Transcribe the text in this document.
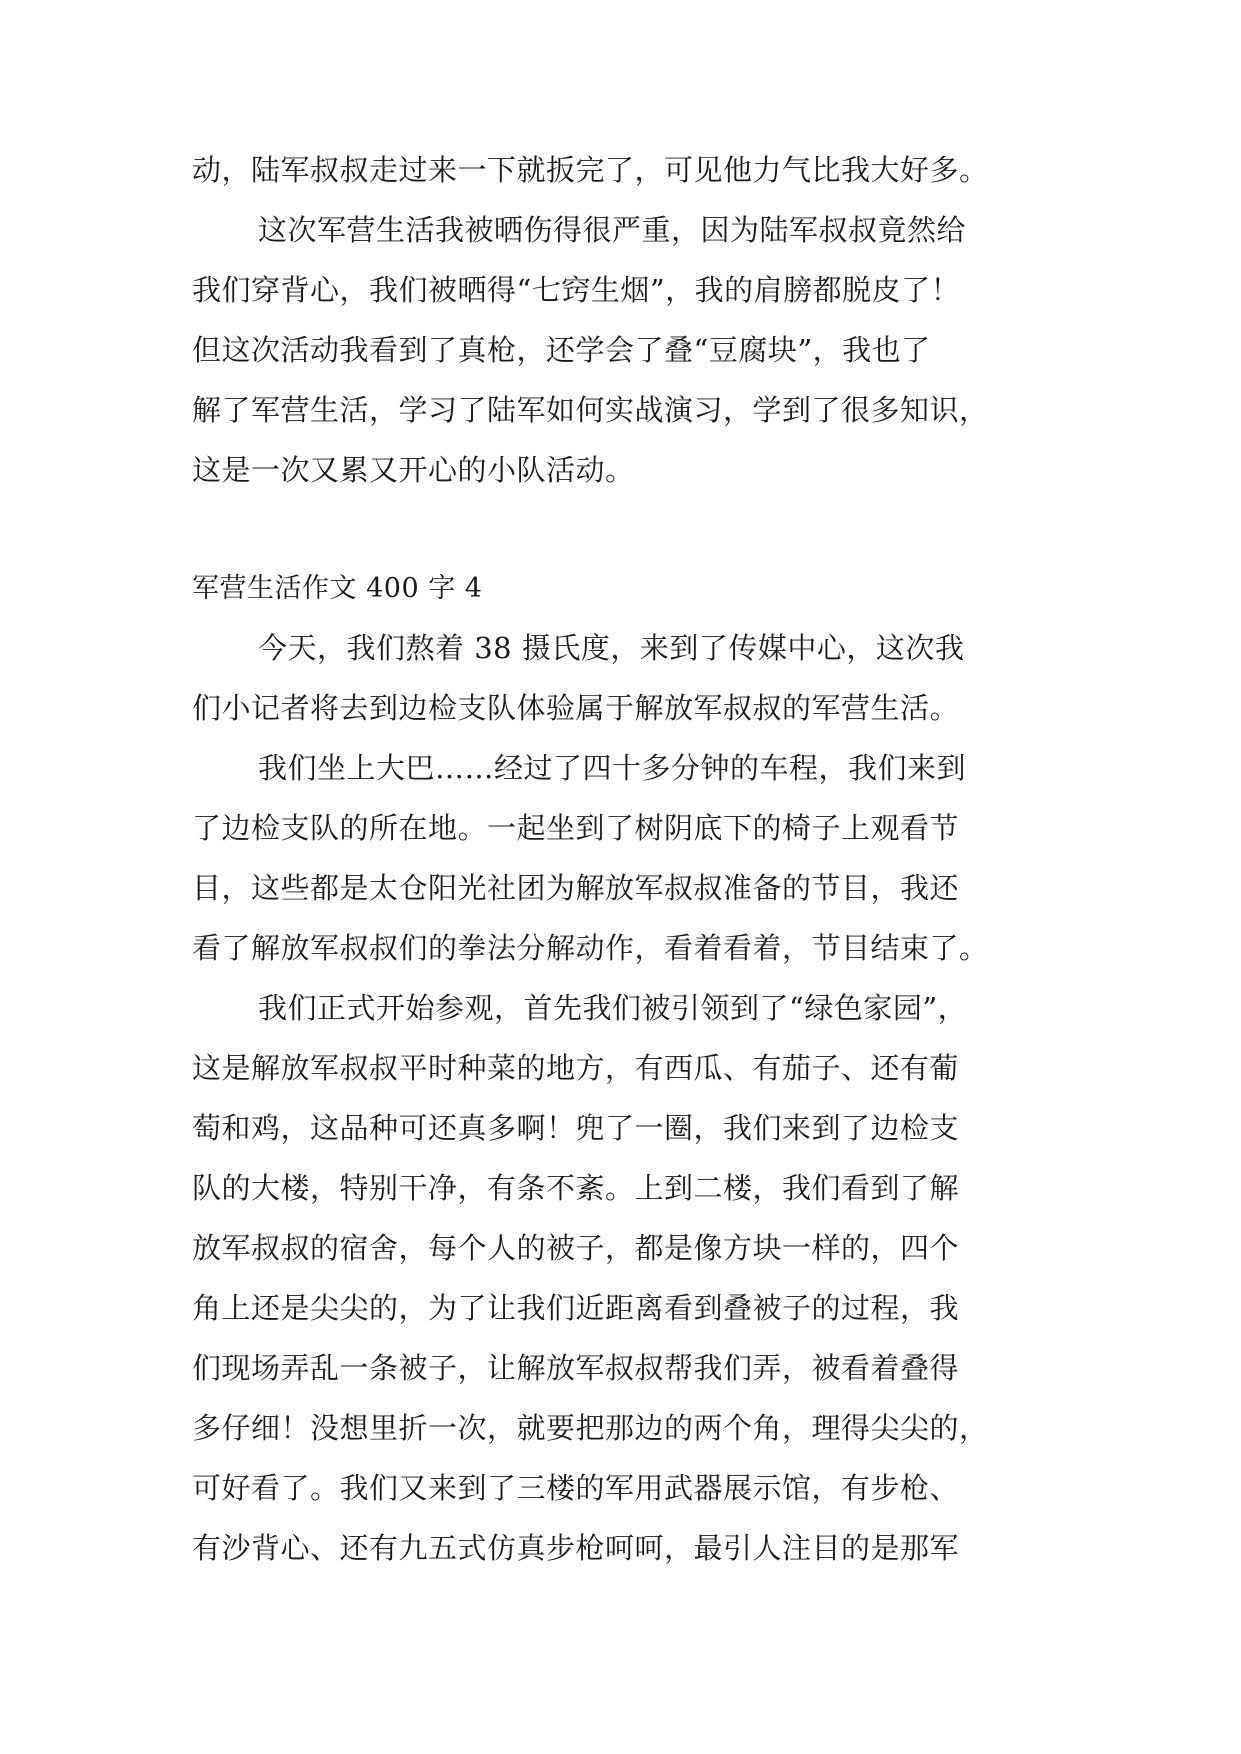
动，陆军叔叔走过来一下就扳完了，可见他力气比我大好多。
这次军营生活我被晒伤得很严重，因为陆军叔叔竟然给
我们穿背心，我们被晒得“七窍生烟”，我的肩膀都脱皮了！
但这次活动我看到了真枪，还学会了叠“豆腐块”，我也了
解了军营生活，学习了陆军如何实战演习，学到了很多知识，
这是一次又累又开心的小队活动。
军营生活作文 400 字 4
今天，我们熬着 38 摄氏度，来到了传媒中心，这次我
们小记者将去到边检支队体验属于解放军叔叔的军营生活。
我们坐上大巴……经过了四十多分钟的车程，我们来到
了边检支队的所在地。一起坐到了树阴底下的椅子上观看节
目，这些都是太仓阳光社团为解放军叔叔准备的节目，我还
看了解放军叔叔们的拳法分解动作，看着看着，节目结束了。
我们正式开始参观，首先我们被引领到了“绿色家园”，
这是解放军叔叔平时种菜的地方，有西瓜、有茄子、还有葡
萄和鸡，这品种可还真多啊！兜了一圈，我们来到了边检支
队的大楼，特别干净，有条不紊。上到二楼，我们看到了解
放军叔叔的宿舍，每个人的被子，都是像方块一样的，四个
角上还是尖尖的，为了让我们近距离看到叠被子的过程，我
们现场弄乱一条被子，让解放军叔叔帮我们弄，被看着叠得
多仔细！没想里折一次，就要把那边的两个角，理得尖尖的，
可好看了。我们又来到了三楼的军用武器展示馆，有步枪、
有沙背心、还有九五式仿真步枪呵呵，最引人注目的是那军
